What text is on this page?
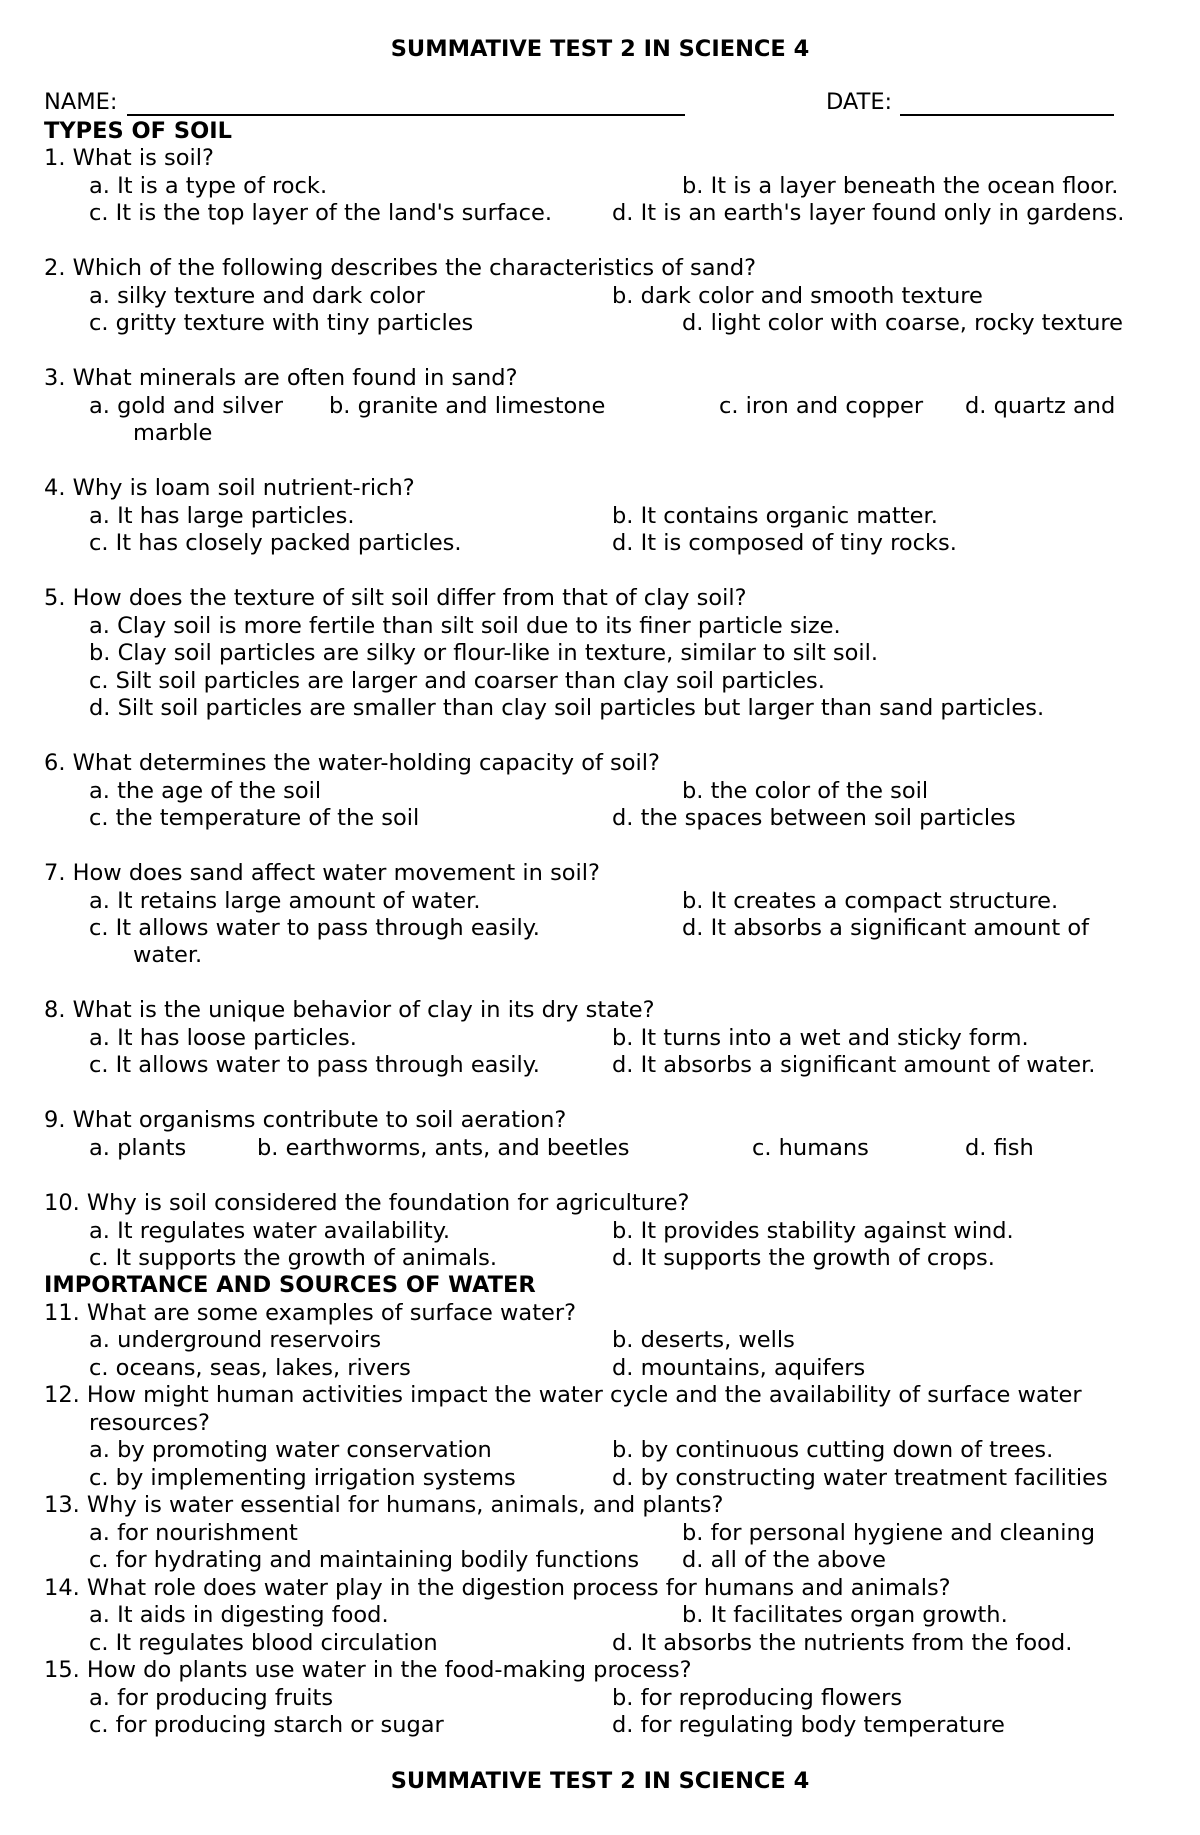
SUMMATIVE TEST 2 IN SCIENCE 4
NAME:	DATE:
TYPES OF SOIL
1. What is soil?
a. It is a type of rock.	b. It is a layer beneath the ocean floor.
c. It is the top layer of the land's surface.	d. It is an earth's layer found only in gardens.
2. Which of the following describes the characteristics of sand?
a. silky texture and dark color	b. dark color and smooth texture
c. gritty texture with tiny particles	d. light color with coarse, rocky texture
3. What minerals are often found in sand?
a. gold and silver b. granite and limestone	c. iron and copper d. quartz and
marble
4. Why is loam soil nutrient-rich?
a. It has large particles.	b. It contains organic matter.
c. It has closely packed particles.	d. It is composed of tiny rocks.
5. How does the texture of silt soil differ from that of clay soil?
a. Clay soil is more fertile than silt soil due to its finer particle size.
b. Clay soil particles are silky or flour-like in texture, similar to silt soil.
c. Silt soil particles are larger and coarser than clay soil particles.
d. Silt soil particles are smaller than clay soil particles but larger than sand particles.
6. What determines the water-holding capacity of soil?
a. the age of the soil	b. the color of the soil
c. the temperature of the soil	d. the spaces between soil particles
7. How does sand affect water movement in soil?
a. It retains large amount of water.	b. It creates a compact structure.
c. It allows water to pass through easily.	d. It absorbs a significant amount of
water.
8. What is the unique behavior of clay in its dry state?
a. It has loose particles.	b. It turns into a wet and sticky form.
c. It allows water to pass through easily.	d. It absorbs a significant amount of water.
9. What organisms contribute to soil aeration?
a. plants	b. earthworms, ants, and beetles	c. humans	d. fish
10. Why is soil considered the foundation for agriculture?
a. It regulates water availability.	b. It provides stability against wind.
c. It supports the growth of animals.	d. It supports the growth of crops.
IMPORTANCE AND SOURCES OF WATER
11. What are some examples of surface water?
a. underground reservoirs	b. deserts, wells
c. oceans, seas, lakes, rivers	d. mountains, aquifers
12. How might human activities impact the water cycle and the availability of surface water
resources?
a. by promoting water conservation	b. by continuous cutting down of trees.
c. by implementing irrigation systems	d. by constructing water treatment facilities
13. Why is water essential for humans, animals, and plants?
a. for nourishment	b. for personal hygiene and cleaning
c. for hydrating and maintaining bodily functions d. all of the above
14. What role does water play in the digestion process for humans and animals?
a. It aids in digesting food.	b. It facilitates organ growth.
c. It regulates blood circulation	d. It absorbs the nutrients from the food.
15. How do plants use water in the food-making process?
a. for producing fruits	b. for reproducing flowers
c. for producing starch or sugar	d. for regulating body temperature
SUMMATIVE TEST 2 IN SCIENCE 4
